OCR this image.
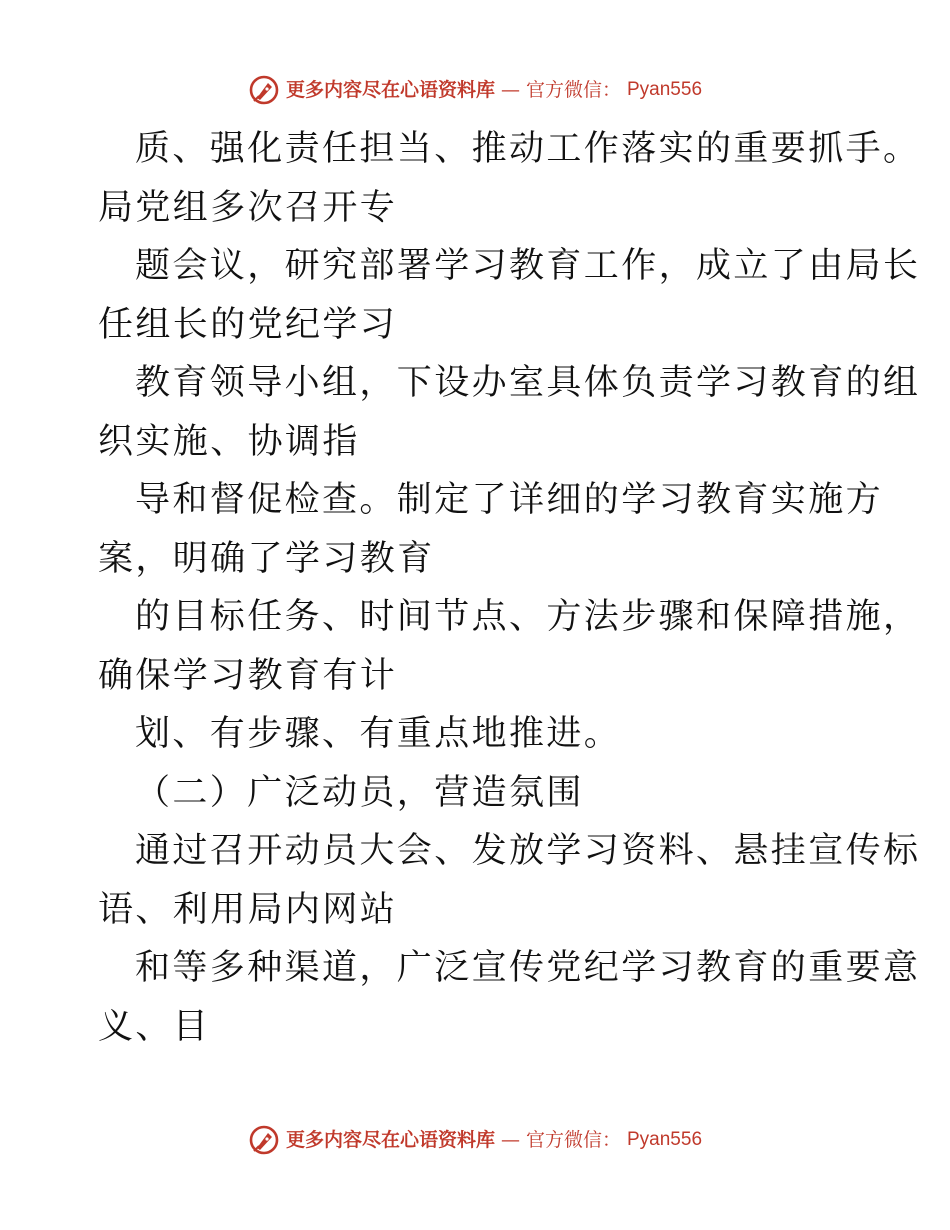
更多内容尽在心语资料库 — 官方微信： Pyan556
质、强化责任担当、推动工作落实的重要抓手。
局党组多次召开专
题会议，研究部署学习教育工作，成立了由局长
任组长的党纪学习
教育领导小组，下设办室具体负责学习教育的组
织实施、协调指
导和督促检查。制定了详细的学习教育实施方
案，明确了学习教育
的目标任务、时间节点、方法步骤和保障措施，
确保学习教育有计
划、有步骤、有重点地推进。
（二）广泛动员，营造氛围
通过召开动员大会、发放学习资料、悬挂宣传标
语、利用局内网站
和等多种渠道，广泛宣传党纪学习教育的重要意
义、目
更多内容尽在心语资料库 — 官方微信： Pyan556
